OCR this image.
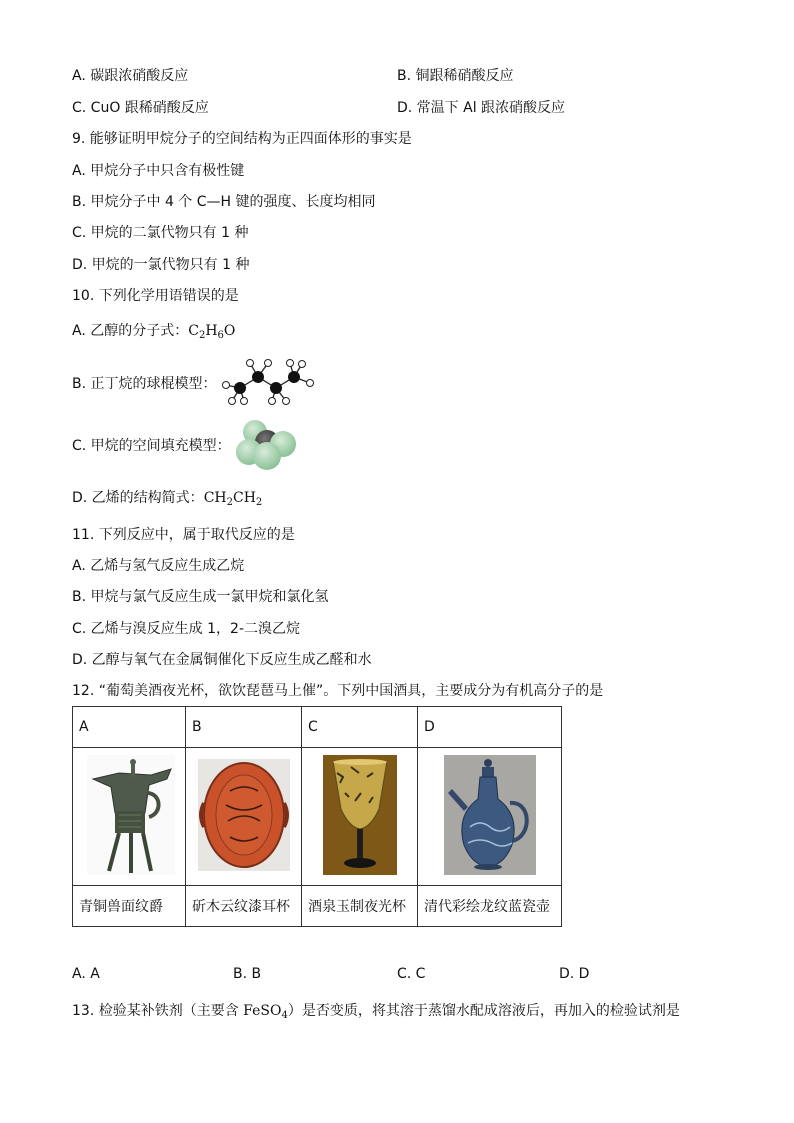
A. 碳跟浓硝酸反应	B. 铜跟稀硝酸反应
C. CuO 跟稀硝酸反应	D. 常温下 Al 跟浓硝酸反应
9. 能够证明甲烷分子的空间结构为正四面体形的事实是
A. 甲烷分子中只含有极性键
B. 甲烷分子中 4 个 C—H 键的强度、长度均相同
C. 甲烷的二氯代物只有 1 种
D. 甲烷的一氯代物只有 1 种
10. 下列化学用语错误的是
A. 乙醇的分子式：$C_2H_6O$
B. 正丁烷的球棍模型：
C. 甲烷的空间填充模型：
D. 乙烯的结构简式：$CH_2CH_2$
11. 下列反应中，属于取代反应的是
A. 乙烯与氢气反应生成乙烷
B. 甲烷与氯气反应生成一氯甲烷和氯化氢
C. 乙烯与溴反应生成 1，2-二溴乙烷
D. 乙醇与氧气在金属铜催化下反应生成乙醛和水
12. “葡萄美酒夜光杯，欲饮琵琶马上催”。下列中国酒具，主要成分为有机高分子的是
A	B	C	D

青铜兽面纹爵	斫木云纹漆耳杯	酒泉玉制夜光杯	清代彩绘龙纹蓝瓷壶
A. A	B. B	C. C	D. D
13. 检验某补铁剂（主要含 FeSO$_4$）是否变质，将其溶于蒸馏水配成溶液后，再加入的检验试剂是
